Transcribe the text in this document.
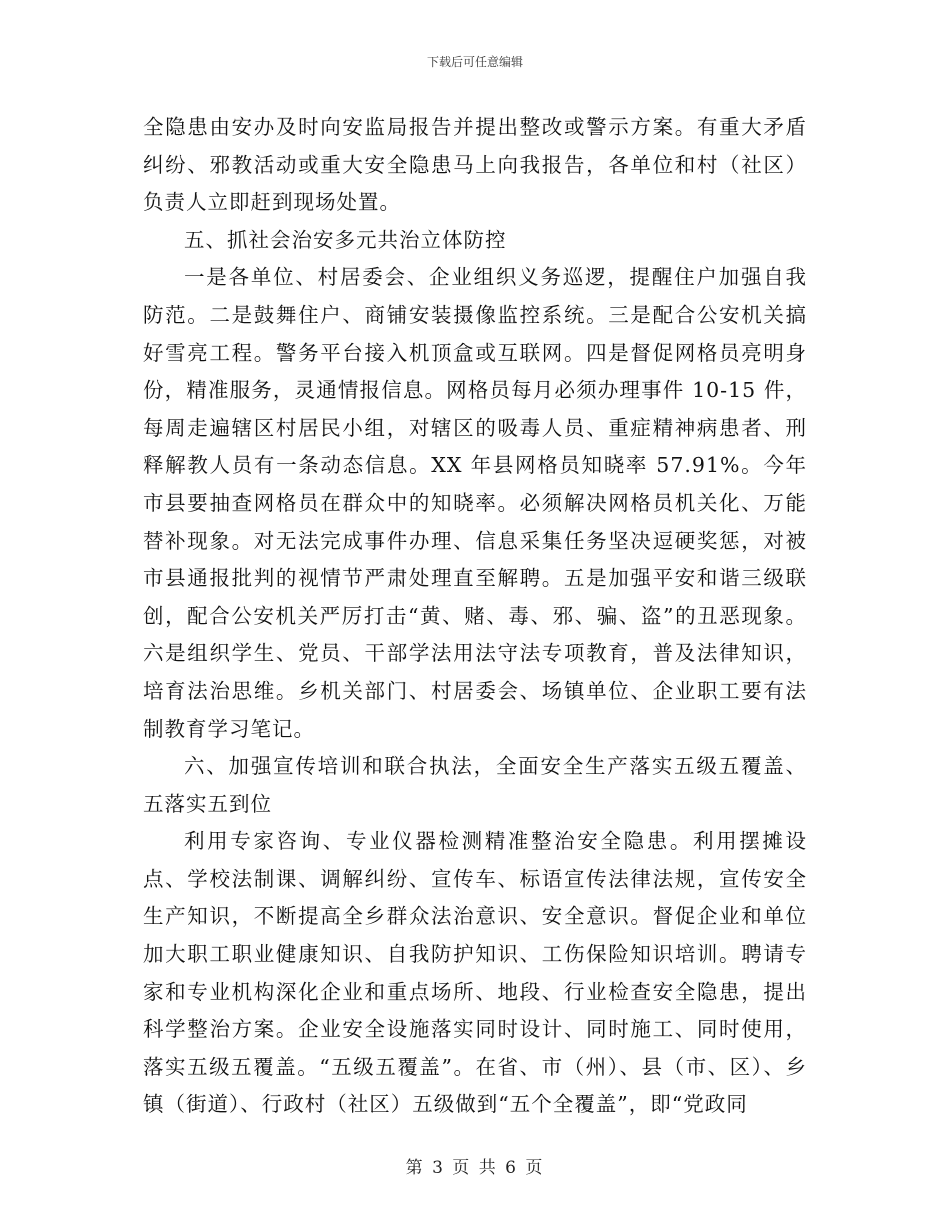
下载后可任意编辑

全隐患由安办及时向安监局报告并提出整改或警示方案。有重大矛盾纠纷、邪教活动或重大安全隐患马上向我报告，各单位和村（社区）负责人立即赶到现场处置。

五、抓社会治安多元共治立体防控

一是各单位、村居委会、企业组织义务巡逻，提醒住户加强自我防范。二是鼓舞住户、商铺安装摄像监控系统。三是配合公安机关搞好雪亮工程。警务平台接入机顶盒或互联网。四是督促网格员亮明身份，精准服务，灵通情报信息。网格员每月必须办理事件 10-15 件，每周走遍辖区村居民小组，对辖区的吸毒人员、重症精神病患者、刑释解教人员有一条动态信息。XX 年县网格员知晓率 57.91%。今年市县要抽查网格员在群众中的知晓率。必须解决网格员机关化、万能替补现象。对无法完成事件办理、信息采集任务坚决逗硬奖惩，对被市县通报批判的视情节严肃处理直至解聘。五是加强平安和谐三级联创，配合公安机关严厉打击“黄、赌、毒、邪、骗、盗”的丑恶现象。六是组织学生、党员、干部学法用法守法专项教育，普及法律知识，培育法治思维。乡机关部门、村居委会、场镇单位、企业职工要有法制教育学习笔记。

六、加强宣传培训和联合执法，全面安全生产落实五级五覆盖、五落实五到位

利用专家咨询、专业仪器检测精准整治安全隐患。利用摆摊设点、学校法制课、调解纠纷、宣传车、标语宣传法律法规，宣传安全生产知识，不断提高全乡群众法治意识、安全意识。督促企业和单位加大职工职业健康知识、自我防护知识、工伤保险知识培训。聘请专家和专业机构深化企业和重点场所、地段、行业检查安全隐患，提出科学整治方案。企业安全设施落实同时设计、同时施工、同时使用，落实五级五覆盖。“五级五覆盖”。在省、市（州）、县（市、区）、乡镇（街道）、行政村（社区）五级做到“五个全覆盖”，即“党政同

第 3 页 共 6 页
